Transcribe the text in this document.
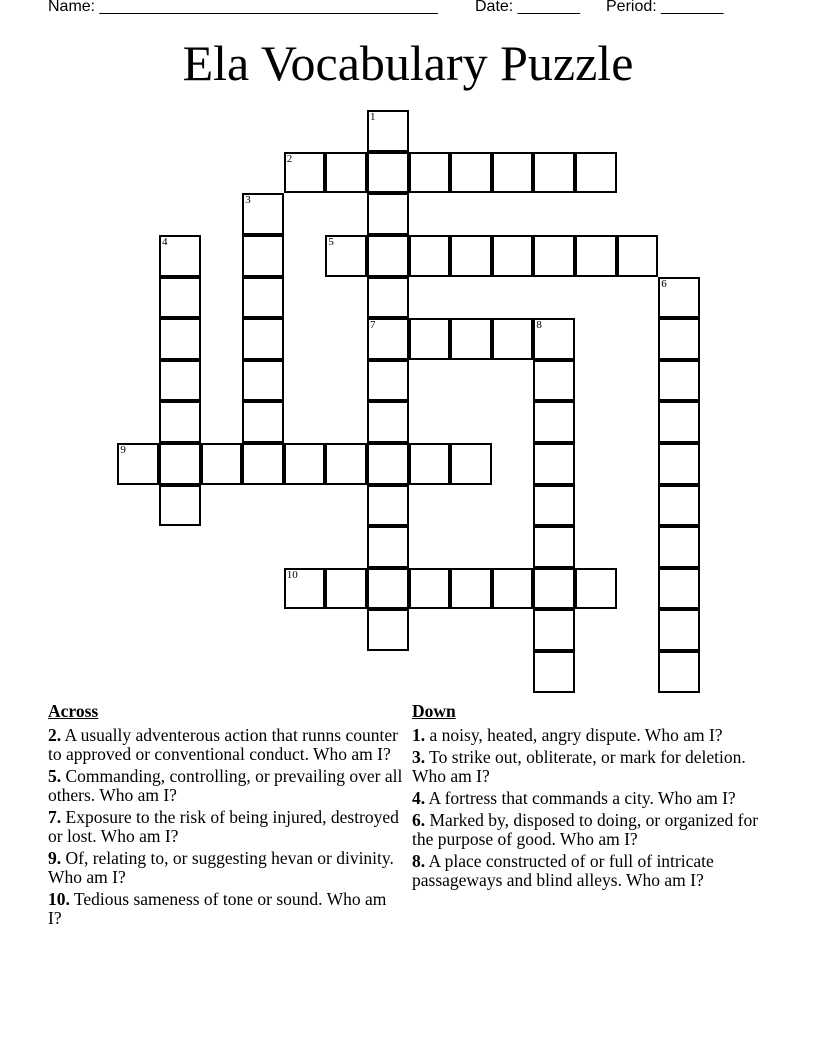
Name: ______________________________________ Date: _______ Period: _______
Ela Vocabulary Puzzle
1
7
2
3
4	5
6
8
9
10
Across
2. A usually adventerous action that runns counter to approved or conventional conduct. Who am I?
5. Commanding, controlling, or prevailing over all others. Who am I?
7. Exposure to the risk of being injured, destroyed or lost. Who am I?
9. Of, relating to, or suggesting hevan or divinity. Who am I?
10. Tedious sameness of tone or sound. Who am I?
Down
1. a noisy, heated, angry dispute. Who am I?
3. To strike out, obliterate, or mark for deletion. Who am I?
4. A fortress that commands a city. Who am I?
6. Marked by, disposed to doing, or organized for the purpose of good. Who am I?
8. A place constructed of or full of intricate passageways and blind alleys. Who am I?
